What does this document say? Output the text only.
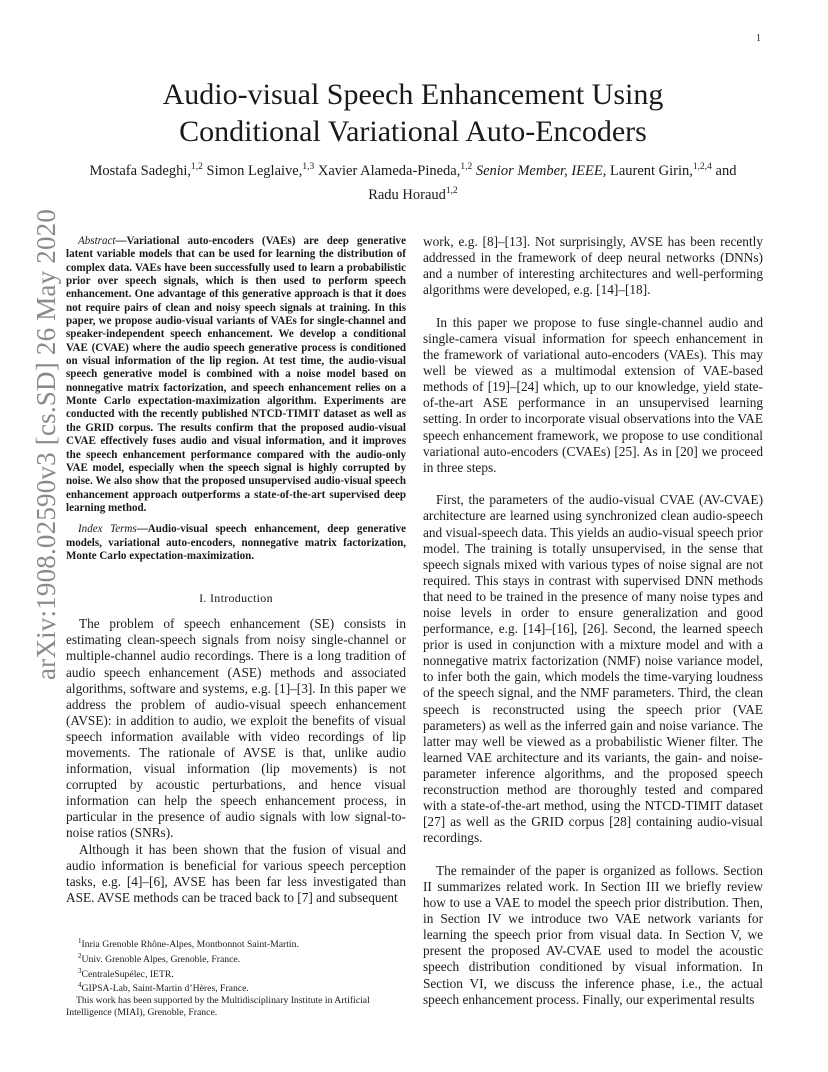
1
arXiv:1908.02590v3 [cs.SD] 26 May 2020
Audio-visual Speech Enhancement Using
Conditional Variational Auto-Encoders
Mostafa Sadeghi,$^{1,2}$ Simon Leglaive,$^{1,3}$ Xavier Alameda-Pineda,$^{1,2}$ Senior Member, IEEE, Laurent Girin,$^{1,2,4}$ and
Radu Horaud$^{1,2}$

Abstract—Variational auto-encoders (VAEs) are deep generative latent variable models that can be used for learning the distribution of complex data. VAEs have been successfully used to learn a probabilistic prior over speech signals, which is then used to perform speech enhancement. One advantage of this generative approach is that it does not require pairs of clean and noisy speech signals at training. In this paper, we propose audio-visual variants of VAEs for single-channel and speaker-independent speech enhancement. We develop a conditional VAE (CVAE) where the audio speech generative process is conditioned on visual information of the lip region. At test time, the audio-visual speech generative model is combined with a noise model based on nonnegative matrix factorization, and speech enhancement relies on a Monte Carlo expectation-maximization algorithm. Experiments are conducted with the recently published NTCD-TIMIT dataset as well as the GRID corpus. The results confirm that the proposed audio-visual CVAE effectively fuses audio and visual information, and it improves the speech enhancement performance compared with the audio-only VAE model, especially when the speech signal is highly corrupted by noise. We also show that the proposed unsupervised audio-visual speech enhancement approach outperforms a state-of-the-art supervised deep learning method.

Index Terms—Audio-visual speech enhancement, deep generative models, variational auto-encoders, nonnegative matrix factorization, Monte Carlo expectation-maximization.

I. Introduction

The problem of speech enhancement (SE) consists in estimating clean-speech signals from noisy single-channel or multiple-channel audio recordings. There is a long tradition of audio speech enhancement (ASE) methods and associated algorithms, software and systems, e.g. [1]–[3]. In this paper we address the problem of audio-visual speech enhancement (AVSE): in addition to audio, we exploit the benefits of visual speech information available with video recordings of lip movements. The rationale of AVSE is that, unlike audio information, visual information (lip movements) is not corrupted by acoustic perturbations, and hence visual information can help the speech enhancement process, in particular in the presence of audio signals with low signal-to-noise ratios (SNRs).

Although it has been shown that the fusion of visual and audio information is beneficial for various speech perception tasks, e.g. [4]–[6], AVSE has been far less investigated than ASE. AVSE methods can be traced back to [7] and subsequent

work, e.g. [8]–[13]. Not surprisingly, AVSE has been recently addressed in the framework of deep neural networks (DNNs) and a number of interesting architectures and well-performing algorithms were developed, e.g. [14]–[18].

In this paper we propose to fuse single-channel audio and single-camera visual information for speech enhancement in the framework of variational auto-encoders (VAEs). This may well be viewed as a multimodal extension of VAE-based methods of [19]–[24] which, up to our knowledge, yield state-of-the-art ASE performance in an unsupervised learning setting. In order to incorporate visual observations into the VAE speech enhancement framework, we propose to use conditional variational auto-encoders (CVAEs) [25]. As in [20] we proceed in three steps.

First, the parameters of the audio-visual CVAE (AV-CVAE) architecture are learned using synchronized clean audio-speech and visual-speech data. This yields an audio-visual speech prior model. The training is totally unsupervised, in the sense that speech signals mixed with various types of noise signal are not required. This stays in contrast with supervised DNN methods that need to be trained in the presence of many noise types and noise levels in order to ensure generalization and good performance, e.g. [14]–[16], [26]. Second, the learned speech prior is used in conjunction with a mixture model and with a nonnegative matrix factorization (NMF) noise variance model, to infer both the gain, which models the time-varying loudness of the speech signal, and the NMF parameters. Third, the clean speech is reconstructed using the speech prior (VAE parameters) as well as the inferred gain and noise variance. The latter may well be viewed as a probabilistic Wiener filter. The learned VAE architecture and its variants, the gain- and noise- parameter inference algorithms, and the proposed speech reconstruction method are thoroughly tested and compared with a state-of-the-art method, using the NTCD-TIMIT dataset [27] as well as the GRID corpus [28] containing audio-visual recordings.

The remainder of the paper is organized as follows. Section II summarizes related work. In Section III we briefly review how to use a VAE to model the speech prior distribution. Then, in Section IV we introduce two VAE network variants for learning the speech prior from visual data. In Section V, we present the proposed AV-CVAE used to model the acoustic speech distribution conditioned by visual information. In Section VI, we discuss the inference phase, i.e., the actual speech enhancement process. Finally, our experimental results

$^1$Inria Grenoble Rhône-Alpes, Montbonnot Saint-Martin.

$^2$Univ. Grenoble Alpes, Grenoble, France.

$^3$CentraleSupélec, IETR.

$^4$GIPSA-Lab, Saint-Martin d’Hères, France.

This work has been supported by the Multidisciplinary Institute in Artificial Intelligence (MIAI), Grenoble, France.
